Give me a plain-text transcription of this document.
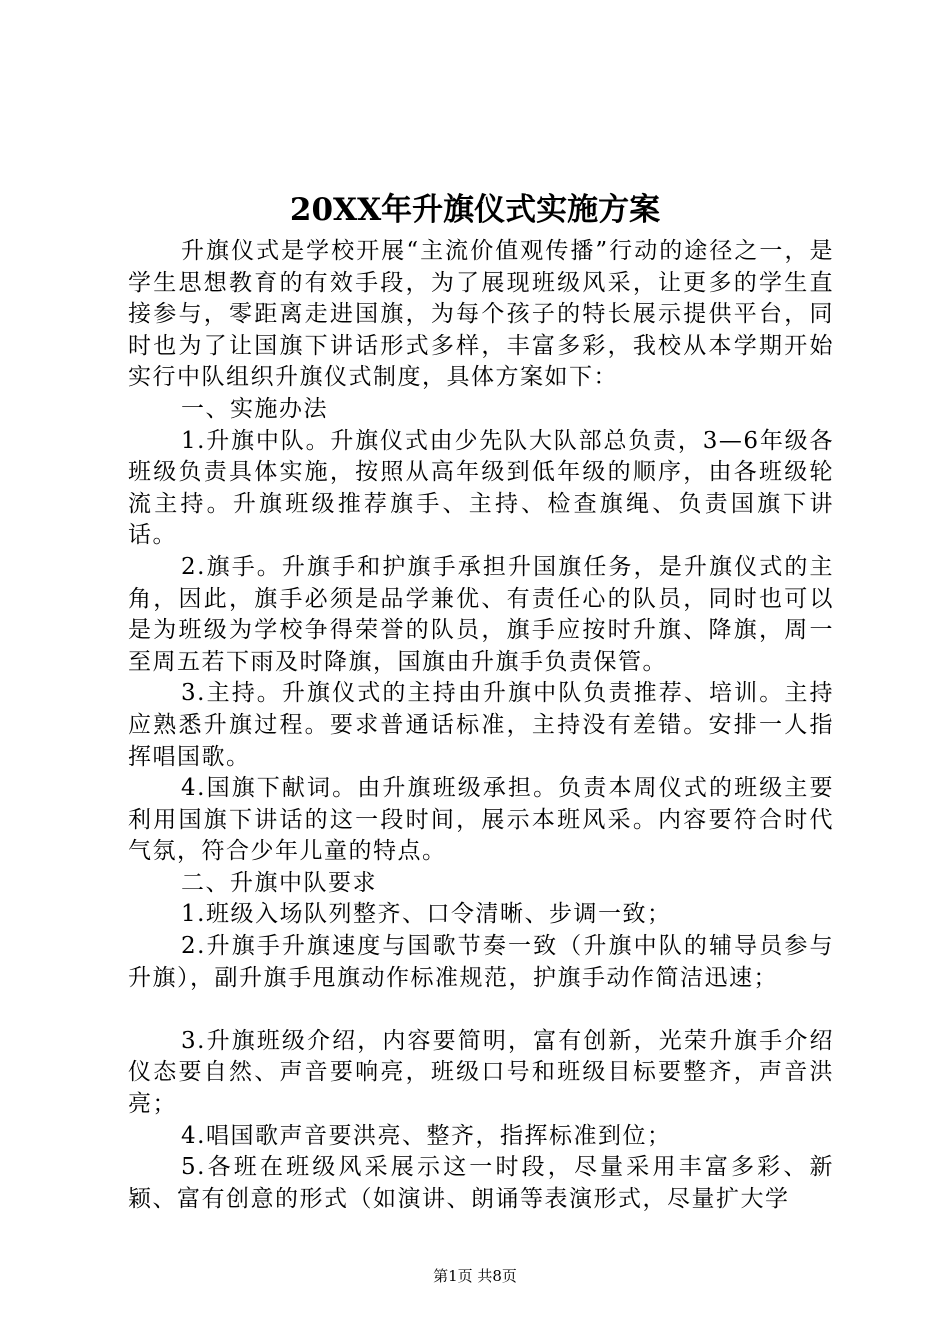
20XX年升旗仪式实施方案

升旗仪式是学校开展“主流价值观传播”行动的途径之一，是学生思想教育的有效手段，为了展现班级风采，让更多的学生直接参与，零距离走进国旗，为每个孩子的特长展示提供平台，同时也为了让国旗下讲话形式多样，丰富多彩，我校从本学期开始实行中队组织升旗仪式制度，具体方案如下：

一、实施办法

1.升旗中队。升旗仪式由少先队大队部总负责，3—6年级各班级负责具体实施，按照从高年级到低年级的顺序，由各班级轮流主持。升旗班级推荐旗手、主持、检查旗绳、负责国旗下讲话。

2.旗手。升旗手和护旗手承担升国旗任务，是升旗仪式的主角，因此，旗手必须是品学兼优、有责任心的队员，同时也可以是为班级为学校争得荣誉的队员，旗手应按时升旗、降旗，周一至周五若下雨及时降旗，国旗由升旗手负责保管。

3.主持。升旗仪式的主持由升旗中队负责推荐、培训。主持应熟悉升旗过程。要求普通话标准，主持没有差错。安排一人指挥唱国歌。

4.国旗下献词。由升旗班级承担。负责本周仪式的班级主要利用国旗下讲话的这一段时间，展示本班风采。内容要符合时代气氛，符合少年儿童的特点。

二、升旗中队要求

1.班级入场队列整齐、口令清晰、步调一致；

2.升旗手升旗速度与国歌节奏一致（升旗中队的辅导员参与升旗），副升旗手甩旗动作标准规范，护旗手动作简洁迅速；

3.升旗班级介绍，内容要简明，富有创新，光荣升旗手介绍仪态要自然、声音要响亮，班级口号和班级目标要整齐，声音洪亮；

4.唱国歌声音要洪亮、整齐，指挥标准到位；

5.各班在班级风采展示这一时段，尽量采用丰富多彩、新颖、富有创意的形式（如演讲、朗诵等表演形式，尽量扩大学

第1页 共8页
